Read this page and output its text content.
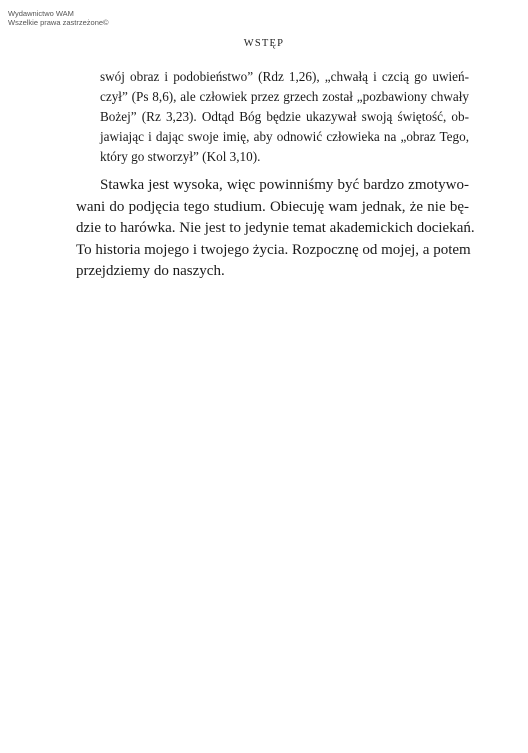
Wydawnictwo WAM
Wszelkie prawa zastrzeżone©
WSTĘP
swój obraz i podobieństwo” (Rdz 1,26), „chwałą i czcią go uwień-
czył” (Ps 8,6), ale człowiek przez grzech został „pozbawiony chwały
Bożej” (Rz 3,23). Odtąd Bóg będzie ukazywał swoją świętość, ob-
jawiając i dając swoje imię, aby odnowić człowieka na „obraz Tego,
który go stworzył” (Kol 3,10).
Stawka jest wysoka, więc powinniśmy być bardzo zmotywo-
wani do podjęcia tego studium. Obiecuję wam jednak, że nie bę-
dzie to harówka. Nie jest to jedynie temat akademickich dociekań.
To historia mojego i twojego życia. Rozpocznę od mojej, a potem
przejdziemy do naszych.
